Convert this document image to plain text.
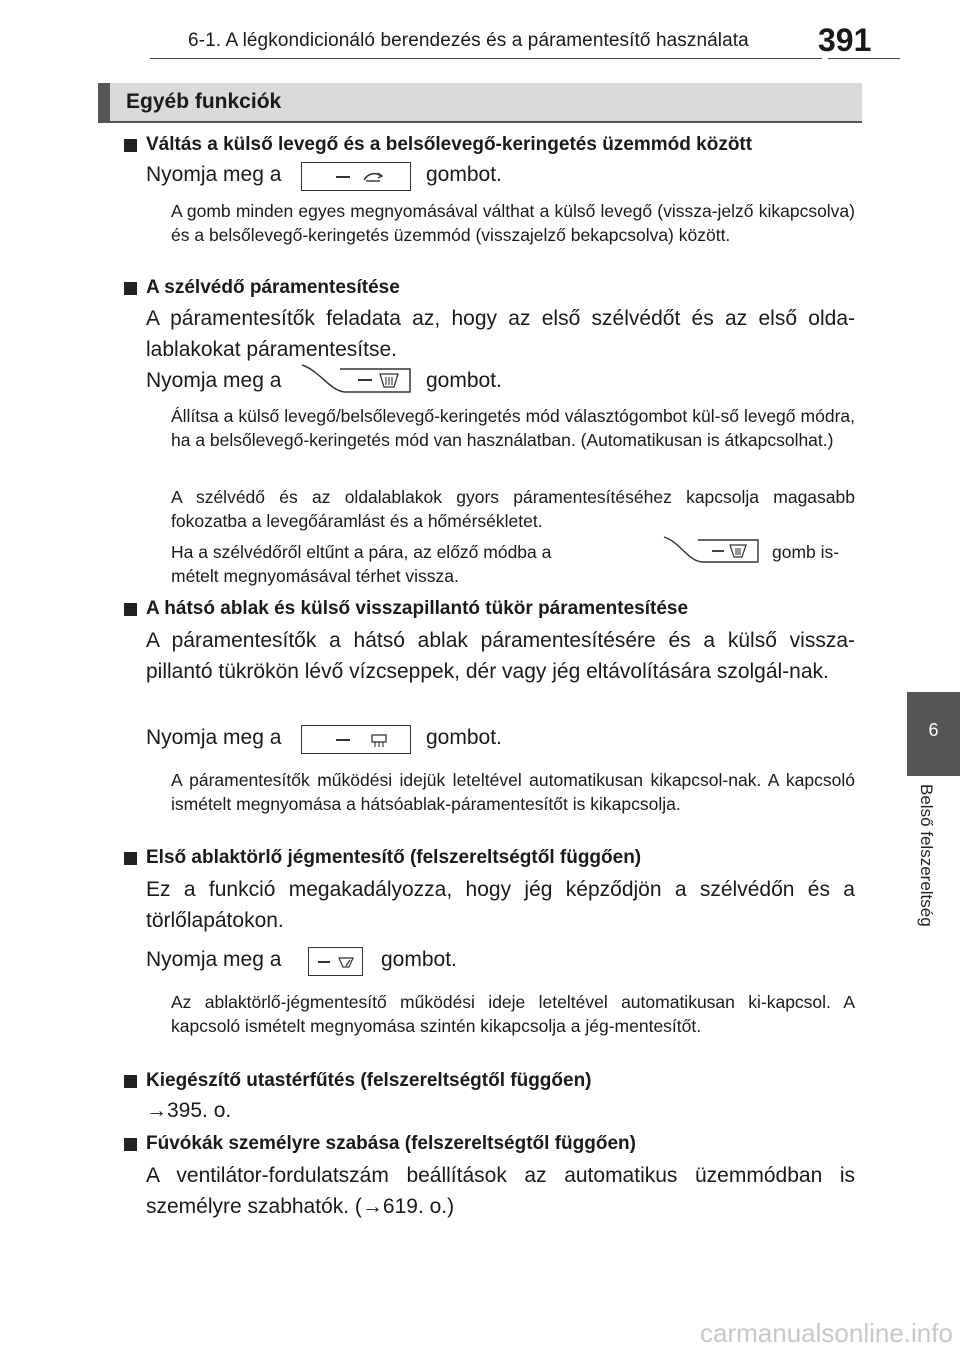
6-1. A légkondicionáló berendezés és a páramentesítő használata 391
Egyéb funkciók
6
Belső felszereltség
Váltás a külső levegő és a belsőlevegő-keringetés üzemmód között
Nyomja meg a	gombot.
A gomb minden egyes megnyomásával válthat a külső levegő (vissza-jelző kikapcsolva) és a belsőlevegő-keringetés üzemmód (visszajelző bekapcsolva) között.
A szélvédő páramentesítése
A páramentesítők feladata az, hogy az első szélvédőt és az első olda-lablakokat páramentesítse.
Nyomja meg a	gombot.
Állítsa a külső levegő/belsőlevegő-keringetés mód választógombot kül-ső levegő módra, ha a belsőlevegő-keringetés mód van használatban. (Automatikusan is átkapcsolhat.)
A szélvédő és az oldalablakok gyors páramentesítéséhez kapcsolja magasabb fokozatba a levegőáramlást és a hőmérsékletet.
Ha a szélvédőről eltűnt a pára, az előző módba a	gomb is-
mételt megnyomásával térhet vissza.
A hátsó ablak és külső visszapillantó tükör páramentesítése
A páramentesítők a hátsó ablak páramentesítésére és a külső vissza-pillantó tükrökön lévő vízcseppek, dér vagy jég eltávolítására szolgál-nak.
Nyomja meg a	gombot.
A páramentesítők működési idejük leteltével automatikusan kikapcsol-nak. A kapcsoló ismételt megnyomása a hátsóablak-páramentesítőt is kikapcsolja.
Első ablaktörlő jégmentesítő (felszereltségtől függően)
Ez a funkció megakadályozza, hogy jég képződjön a szélvédőn és a törlőlapátokon.
Nyomja meg a	gombot.
Az ablaktörlő-jégmentesítő működési ideje leteltével automatikusan ki-kapcsol. A kapcsoló ismételt megnyomása szintén kikapcsolja a jég-mentesítőt.
Kiegészítő utastérfűtés (felszereltségtől függően)
→395. o.
Fúvókák személyre szabása (felszereltségtől függően)
A ventilátor-fordulatszám beállítások az automatikus üzemmódban is személyre szabhatók. (→619. o.)
carmanualsonline.info
